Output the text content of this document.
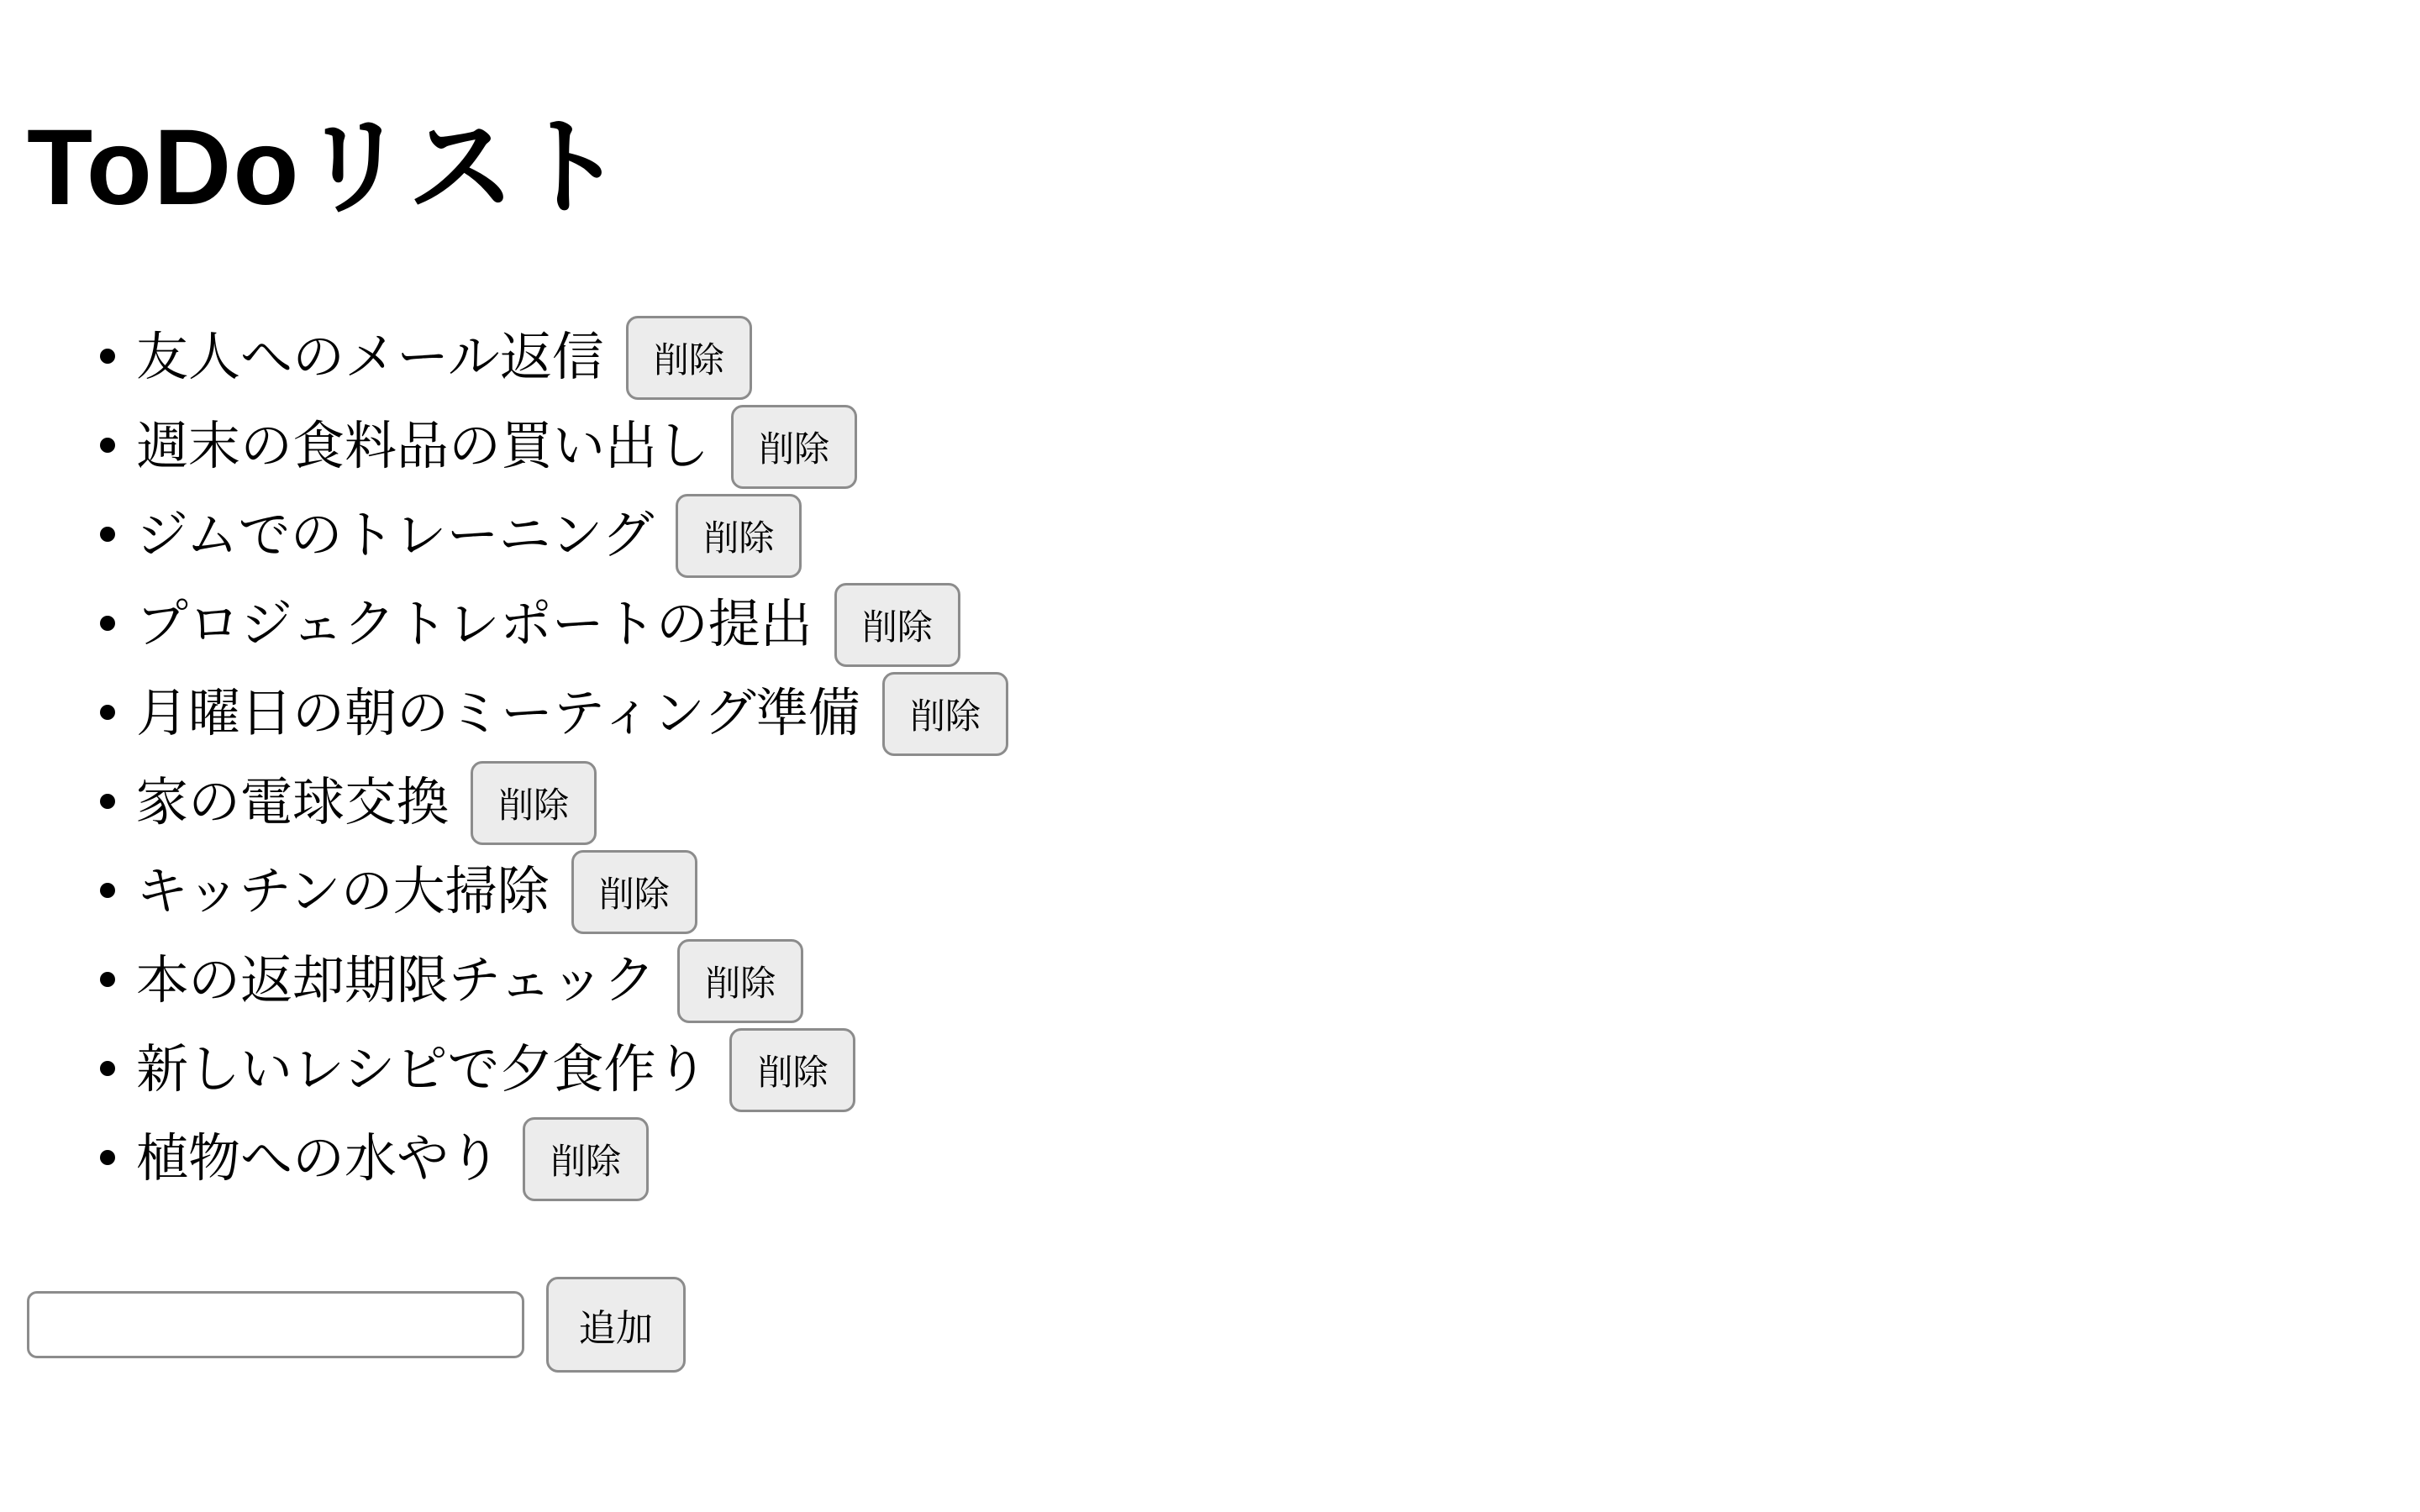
ToDoリスト
• 友人へのメール返信 削除
• 週末の食料品の買い出し 削除
• ジムでのトレーニング 削除
• プロジェクトレポートの提出 削除
• 月曜日の朝のミーティング準備 削除
• 家の電球交換 削除
• キッチンの大掃除 削除
• 本の返却期限チェック 削除
• 新しいレシピで夕食作り 削除
• 植物への水やり 削除
追加
